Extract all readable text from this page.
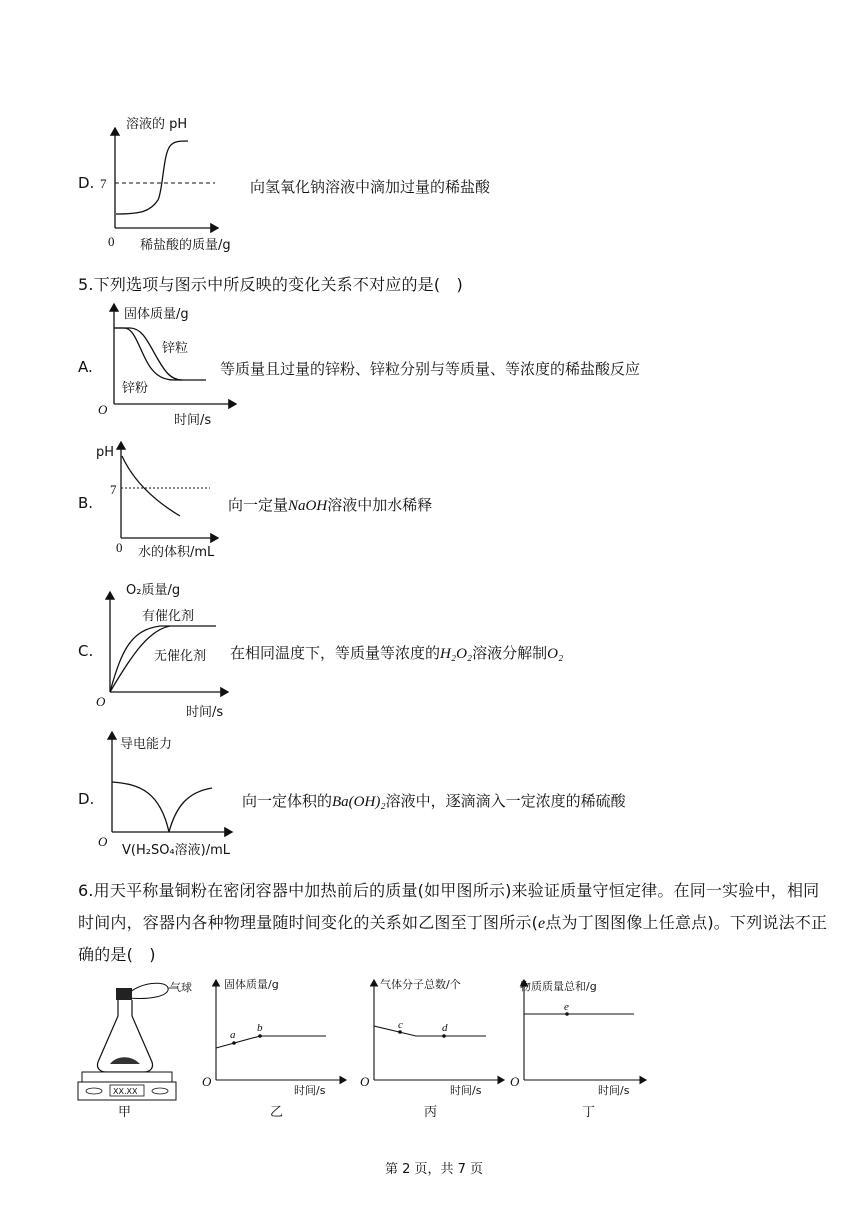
D.
溶液的 pH
7
0 稀盐酸的质量/g
向氢氧化钠溶液中滴加过量的稀盐酸
5.下列选项与图示中所反映的变化关系不对应的是(　)
A.
固体质量/g
锌粒
锌粉
O
时间/s
等质量且过量的锌粉、锌粒分别与等质量、等浓度的稀盐酸反应
B.
pH
7
0 水的体积/mL
向一定量NaOH溶液中加水稀释
C.
O₂质量/g
有催化剂
无催化剂
O
时间/s
在相同温度下，等质量等浓度的H₂O₂溶液分解制O₂
D.
导电能力
O
V(H₂SO₄溶液)/mL
向一定体积的Ba(OH)₂溶液中，逐滴滴入一定浓度的稀硫酸
6.用天平称量铜粉在密闭容器中加热前后的质量(如甲图所示)来验证质量守恒定律。在同一实验中，相同
时间内，容器内各种物理量随时间变化的关系如乙图至丁图所示(e点为丁图图像上任意点)。下列说法不正
确的是(　)
气球
XX.XX
甲
固体质量/g
a
b
O
时间/s
乙
气体分子总数/个
c	d
O
时间/s
丙
物质质量总和/g
e
O
时间/s
丁
第 2 页，共 7 页
